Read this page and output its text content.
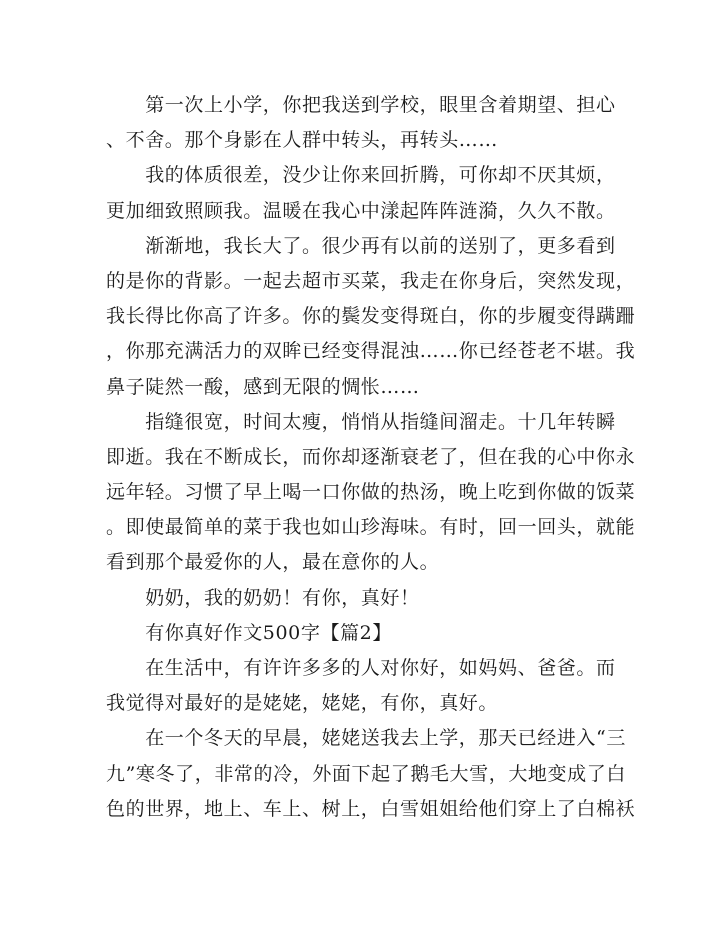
　　第一次上小学，你把我送到学校，眼里含着期望、担心
、不舍。那个身影在人群中转头，再转头……
　　我的体质很差，没少让你来回折腾，可你却不厌其烦，
更加细致照顾我。温暖在我心中漾起阵阵涟漪，久久不散。
　　渐渐地，我长大了。很少再有以前的送别了，更多看到
的是你的背影。一起去超市买菜，我走在你身后，突然发现，
我长得比你高了许多。你的鬓发变得斑白，你的步履变得蹒跚
，你那充满活力的双眸已经变得混浊……你已经苍老不堪。我
鼻子陡然一酸，感到无限的惆怅……
　　指缝很宽，时间太瘦，悄悄从指缝间溜走。十几年转瞬
即逝。我在不断成长，而你却逐渐衰老了，但在我的心中你永
远年轻。习惯了早上喝一口你做的热汤，晚上吃到你做的饭菜
。即使最简单的菜于我也如山珍海味。有时，回一回头，就能
看到那个最爱你的人，最在意你的人。
　　奶奶，我的奶奶！有你，真好！
　　有你真好作文500字【篇2】
　　在生活中，有许许多多的人对你好，如妈妈、爸爸。而
我觉得对最好的是姥姥，姥姥，有你，真好。
　　在一个冬天的早晨，姥姥送我去上学，那天已经进入“三
九”寒冬了，非常的冷，外面下起了鹅毛大雪，大地变成了白
色的世界，地上、车上、树上，白雪姐姐给他们穿上了白棉袄
